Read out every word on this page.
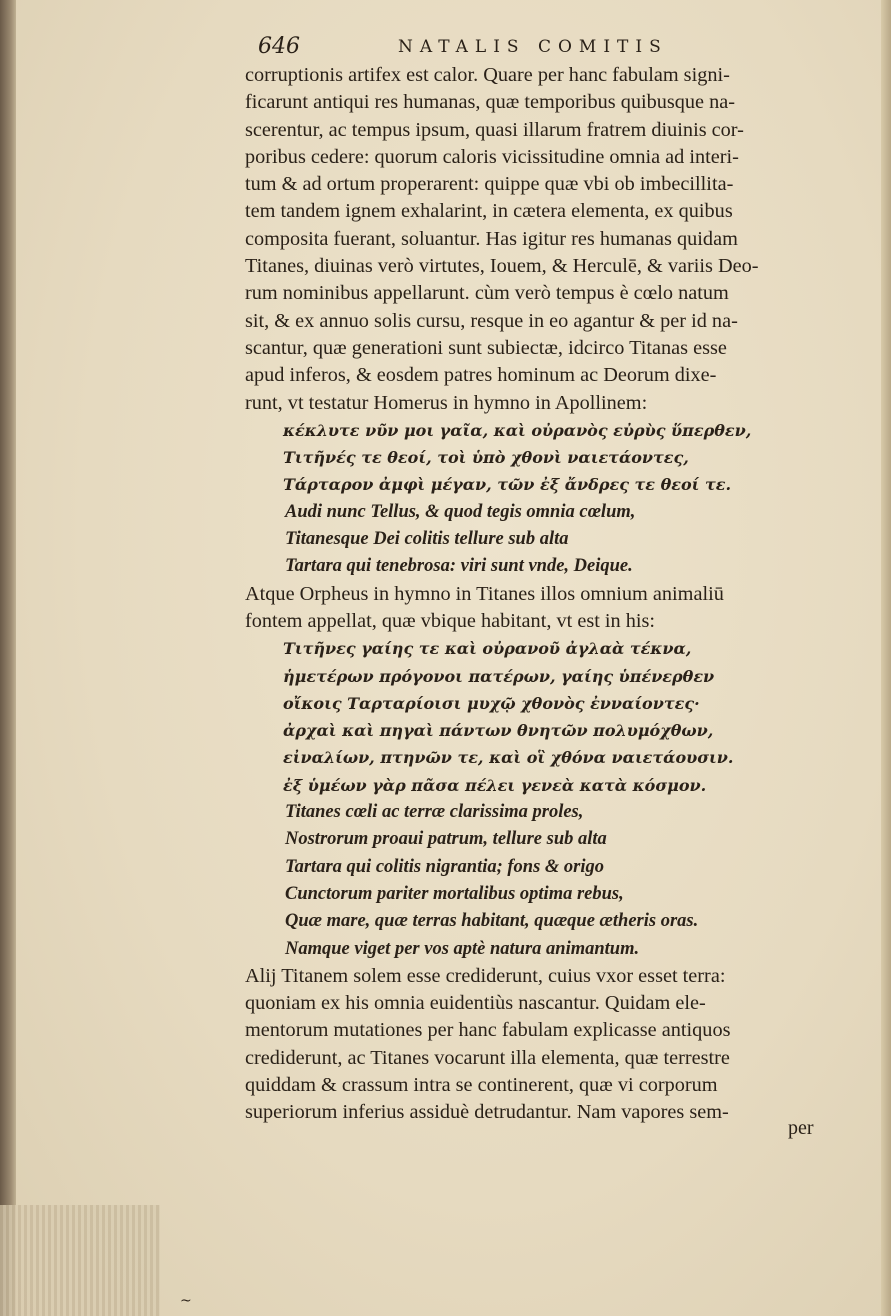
646	NATALIS COMITIS
corruptionis artifex est calor. Quare per hanc fabulam signi-
ficarunt antiqui res humanas, quæ temporibus quibusque na-
scerentur, ac tempus ipsum, quasi illarum fratrem diuinis cor-
poribus cedere: quorum caloris vicissitudine omnia ad interi-
tum & ad ortum properarent: quippe quæ vbi ob imbecillita-
tem tandem ignem exhalarint, in cætera elementa, ex quibus
composita fuerant, soluantur. Has igitur res humanas quidam
Titanes, diuinas verò virtutes, Iouem, & Herculē, & variis Deo-
rum nominibus appellarunt. cùm verò tempus è cœlo natum
sit, & ex annuo solis cursu, resque in eo agantur & per id na-
scantur, quæ generationi sunt subiectæ, idcirco Titanas esse
apud inferos, & eosdem patres hominum ac Deorum dixe-
runt, vt testatur Homerus in hymno in Apollinem:
κέκλυτε νῦν μοι γαῖα, καὶ οὐρανὸς εὐρὺς ὕπερθεν,
Τιτῆνές τε θεοί, τοὶ ὑπὸ χθονὶ ναιετάοντες,
Τάρταρον ἀμφὶ μέγαν, τῶν ἐξ ἄνδρες τε θεοί τε.
Audi nunc Tellus, & quod tegis omnia cœlum,
Titanesque Dei colitis tellure sub alta
Tartara qui tenebrosa: viri sunt vnde, Deique.
Atque Orpheus in hymno in Titanes illos omnium animaliū
fontem appellat, quæ vbique habitant, vt est in his:
Τιτῆνες γαίης τε καὶ οὐρανοῦ ἀγλαὰ τέκνα,
ἡμετέρων πρόγονοι πατέρων, γαίης ὑπένερθεν
οἴκοις Ταρταρίοισι μυχῷ χθονὸς ἐνναίοντες·
ἀρχαὶ καὶ πηγαὶ πάντων θνητῶν πολυμόχθων,
εἰναλίων, πτηνῶν τε, καὶ οἳ χθόνα ναιετάουσιν.
ἐξ ὑμέων γὰρ πᾶσα πέλει γενεὰ κατὰ κόσμον.
Titanes cœli ac terræ clarissima proles,
Nostrorum proaui patrum, tellure sub alta
Tartara qui colitis nigrantia; fons & origo
Cunctorum pariter mortalibus optima rebus,
Quæ mare, quæ terras habitant, quæque ætheris oras.
Namque viget per vos aptè natura animantum.
Alij Titanem solem esse crediderunt, cuius vxor esset terra:
quoniam ex his omnia euidentiùs nascantur. Quidam ele-
mentorum mutationes per hanc fabulam explicasse antiquos
crediderunt, ac Titanes vocarunt illa elementa, quæ terrestre
quiddam & crassum intra se continerent, quæ vi corporum
superiorum inferius assiduè detrudantur. Nam vapores sem-
per
~
